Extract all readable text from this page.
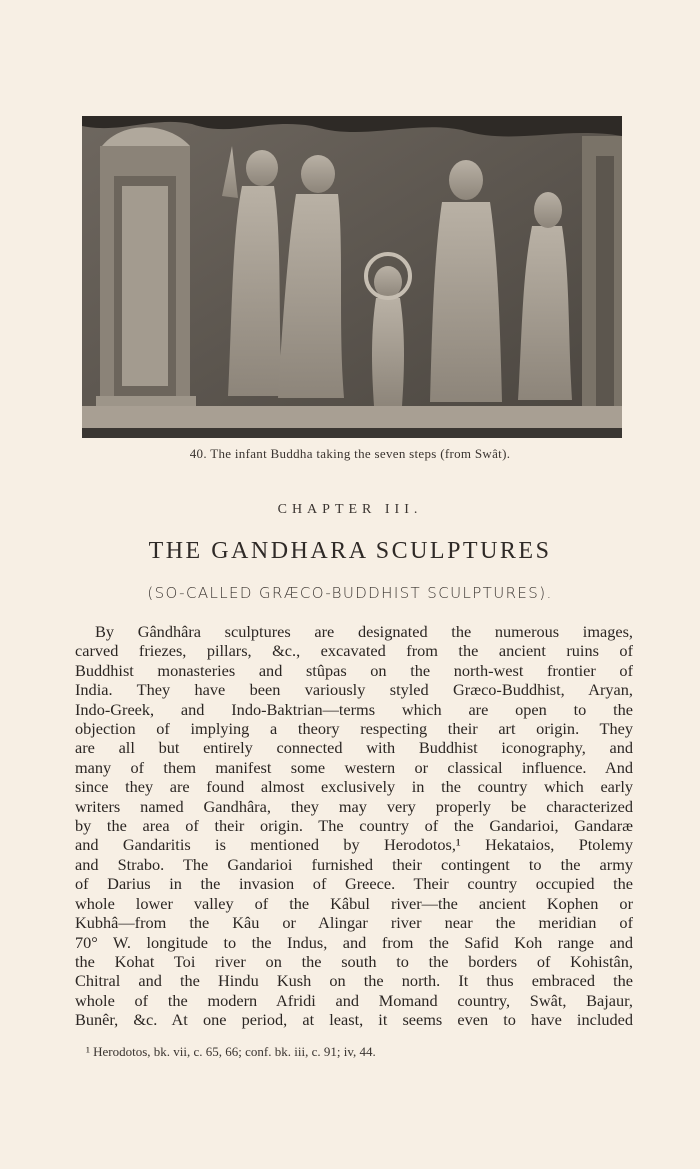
40. The infant Buddha taking the seven steps (from Swât).
CHAPTER III.
THE GANDHARA SCULPTURES
(SO-CALLED GRÆCO-BUDDHIST SCULPTURES).
By Gândhâra sculptures are designated the numerous images,
carved friezes, pillars, &c., excavated from the ancient ruins of
Buddhist monasteries and stûpas on the north-west frontier of
India. They have been variously styled Græco-Buddhist, Aryan,
Indo-Greek, and Indo-Baktrian—terms which are open to the
objection of implying a theory respecting their art origin. They
are all but entirely connected with Buddhist iconography, and
many of them manifest some western or classical influence. And
since they are found almost exclusively in the country which early
writers named Gandhâra, they may very properly be characterized
by the area of their origin. The country of the Gandarioi, Gandaræ
and Gandaritis is mentioned by Herodotos,¹ Hekataios, Ptolemy
and Strabo. The Gandarioi furnished their contingent to the army
of Darius in the invasion of Greece. Their country occupied the
whole lower valley of the Kâbul river—the ancient Kophen or
Kubhâ—from the Kâu or Alingar river near the meridian of
70° W. longitude to the Indus, and from the Safid Koh range and
the Kohat Toi river on the south to the borders of Kohistân,
Chitral and the Hindu Kush on the north. It thus embraced the
whole of the modern Afridi and Momand country, Swât, Bajaur,
Bunêr, &c. At one period, at least, it seems even to have included
¹ Herodotos, bk. vii, c. 65, 66; conf. bk. iii, c. 91; iv, 44.
